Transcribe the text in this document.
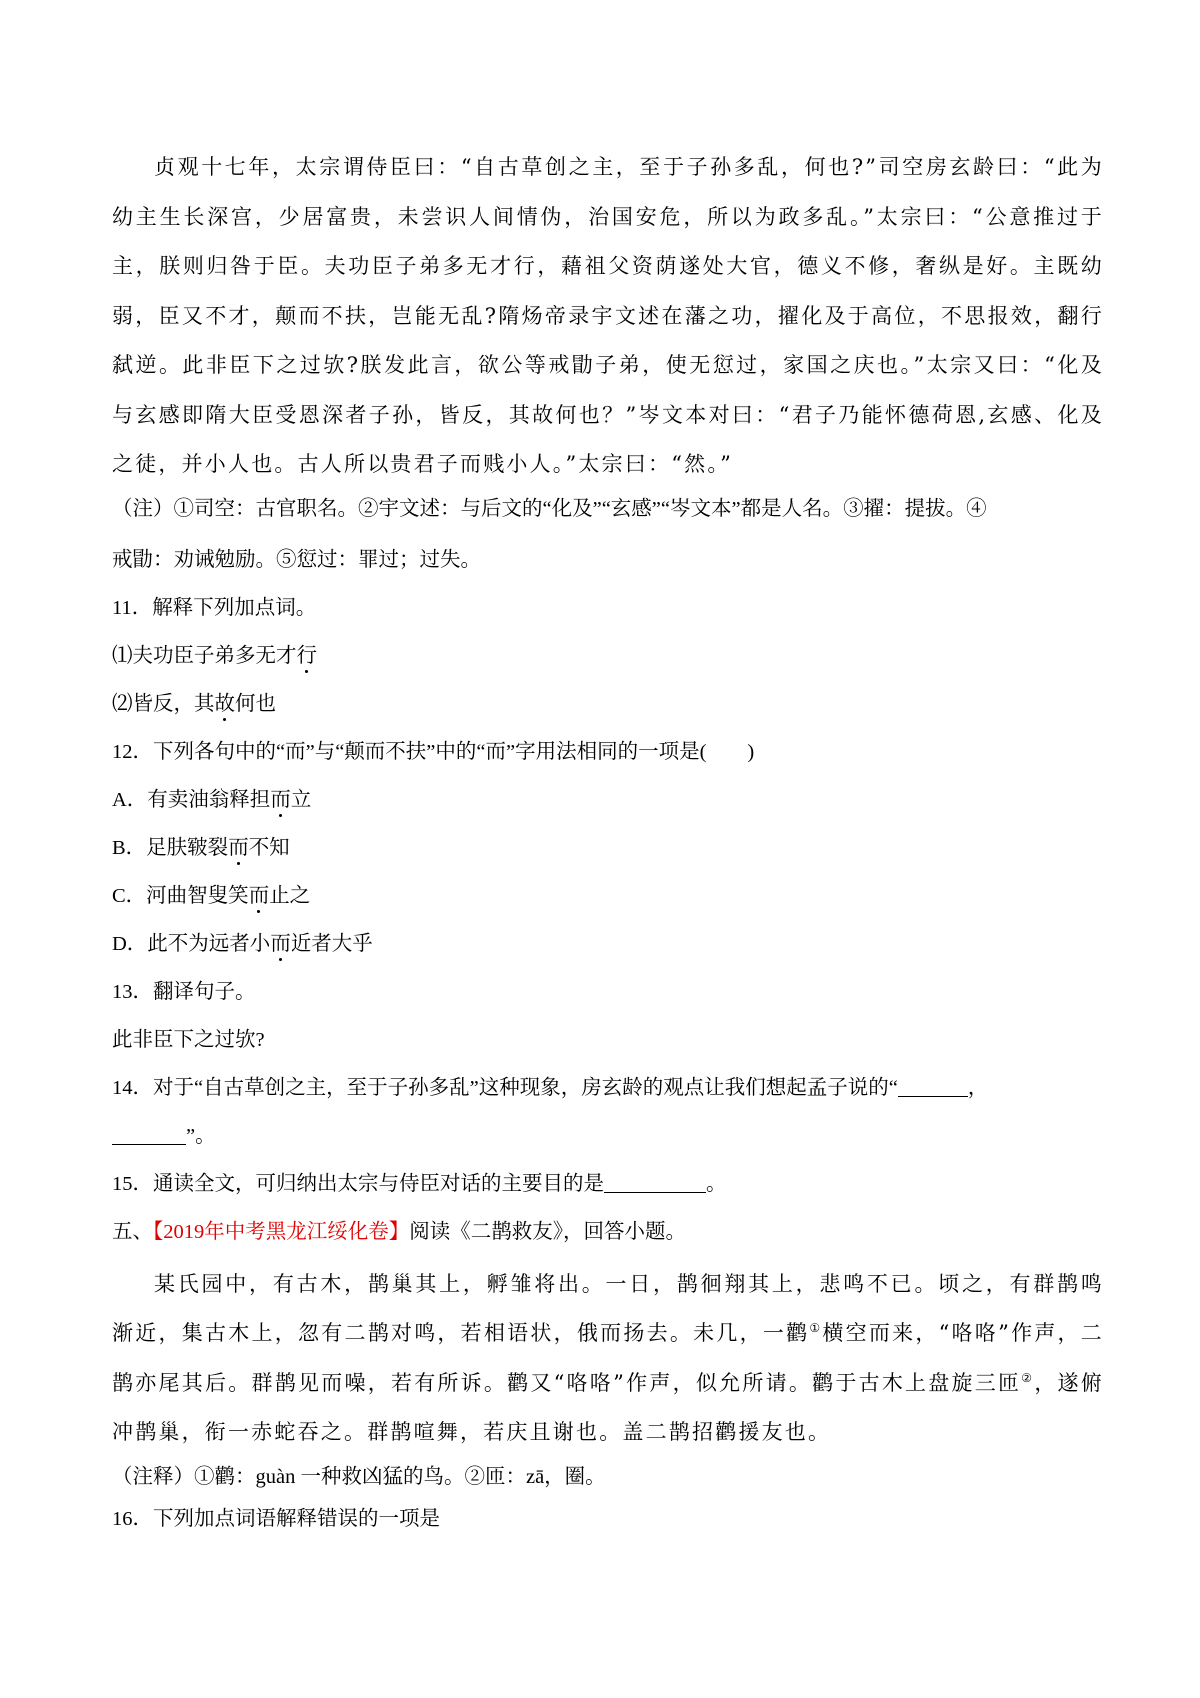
贞观十七年，太宗谓侍臣曰：“自古草创之主，至于子孙多乱，何也?”司空房玄龄曰：“此为幼主生长深宫，少居富贵，未尝识人间情伪，治国安危，所以为政多乱。”太宗曰：“公意推过于主，朕则归咎于臣。夫功臣子弟多无才行，藉祖父资荫遂处大官，德义不修，奢纵是好。主既幼弱，臣又不才，颠而不扶，岂能无乱?隋炀帝录宇文述在藩之功，擢化及于高位，不思报效，翻行弑逆。此非臣下之过欤?朕发此言，欲公等戒勖子弟，使无愆过，家国之庆也。”太宗又曰：“化及与玄感即隋大臣受恩深者子孙，皆反，其故何也？”岑文本对曰：“君子乃能怀德荷恩,玄感、化及之徒，并小人也。古人所以贵君子而贱小人。”太宗曰：“然。”

（注）①司空：古官职名。②宇文述：与后文的“化及”“玄感”“岑文本”都是人名。③擢：提拔。④

戒勖：劝诫勉励。⑤愆过：罪过；过失。

11．解释下列加点词。

⑴夫功臣子弟多无才行

⑵皆反，其故何也

12．下列各句中的“而”与“颠而不扶”中的“而”字用法相同的一项是(　　)

A．有卖油翁释担而立

B．足肤皲裂而不知

C．河曲智叟笑而止之

D．此不为远者小而近者大乎

13．翻译句子。

此非臣下之过欤?

14．对于“自古草创之主，至于子孙多乱”这种现象，房玄龄的观点让我们想起孟子说的“	，

”。

15．通读全文，可归纳出太宗与侍臣对话的主要目的是	。

五、【2019年中考黑龙江绥化卷】阅读《二鹊救友》，回答小题。

某氏园中，有古木，鹊巢其上，孵雏将出。一日，鹊徊翔其上，悲鸣不已。顷之，有群鹊鸣渐近，集古木上，忽有二鹊对鸣，若相语状，俄而扬去。未几，一鹳①横空而来，“咯咯”作声，二鹊亦尾其后。群鹊见而噪，若有所诉。鹳又“咯咯”作声，似允所请。鹳于古木上盘旋三匝②，遂俯冲鹊巢，衔一赤蛇吞之。群鹊喧舞，若庆且谢也。盖二鹊招鹳援友也。

（注释）①鹳：guàn 一种救凶猛的鸟。②匝：zā，圈。

16．下列加点词语解释错误的一项是
